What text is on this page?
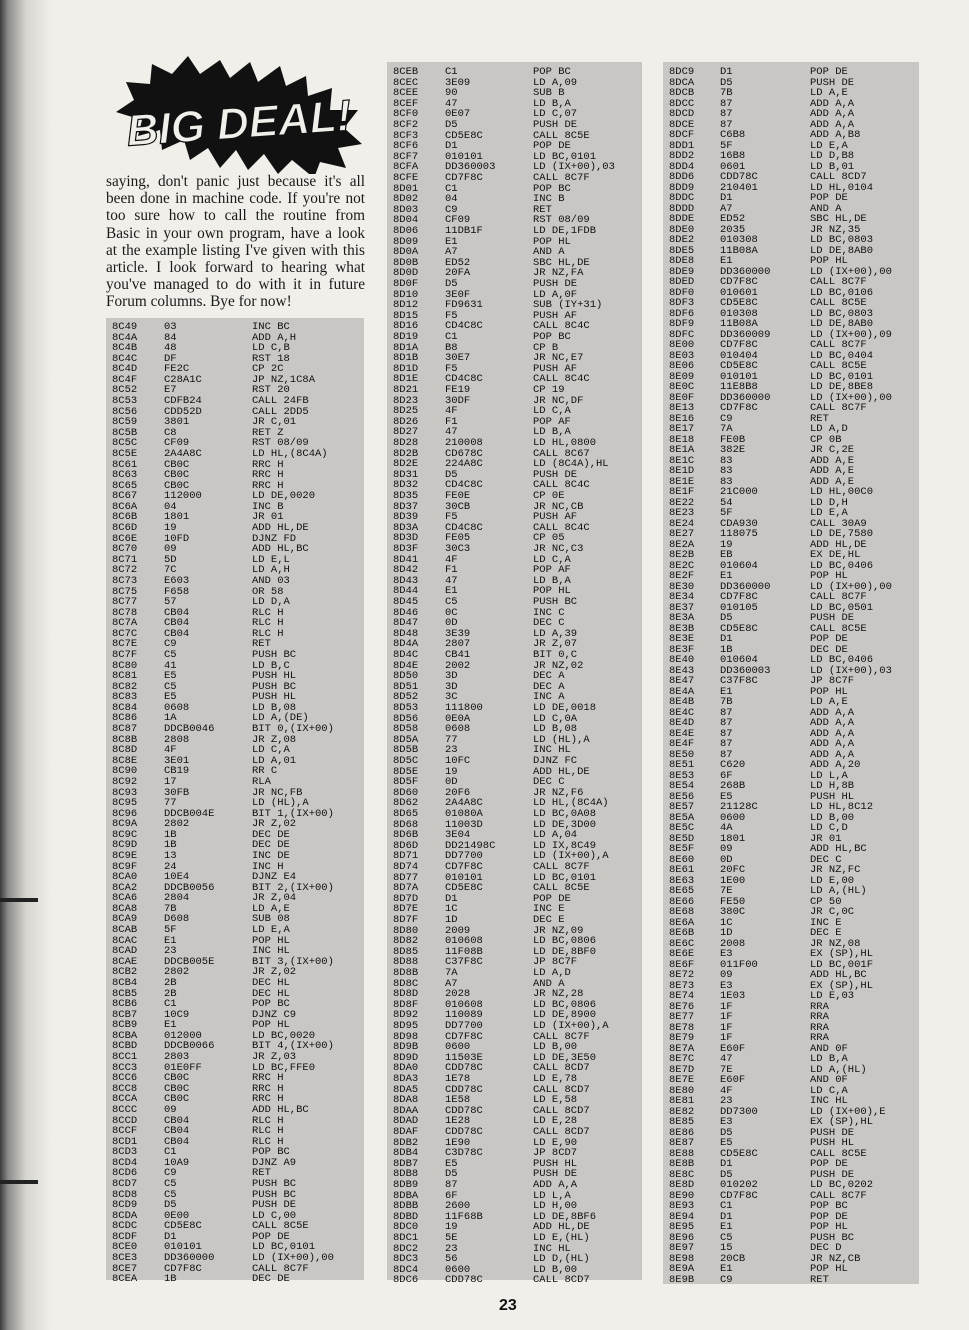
BIG DEAL!

saying, don't panic just because it's all been done in machine code. If you're not too sure how to call the routine from Basic in your own program, have a look at the example listing I've given with this article. I look forward to hearing what you've managed to do with it in future Forum columns. Bye for now!

8C49	03	INC BC
8C4A	84	ADD A,H
8C4B	48	LD C,B
8C4C	DF	RST 18
8C4D	FE2C	CP 2C
8C4F	C28A1C	JP NZ,1C8A
8C52	E7	RST 20
8C53	CDFB24	CALL 24FB
8C56	CDD52D	CALL 2DD5
8C59	3801	JR C,01
8C5B	C8	RET Z
8C5C	CF09	RST 08/09
8C5E	2A4A8C	LD HL,(8C4A)
8C61	CB0C	RRC H
8C63	CB0C	RRC H
8C65	CB0C	RRC H
8C67	112000	LD DE,0020
8C6A	04	INC B
8C6B	1801	JR 01
8C6D	19	ADD HL,DE
8C6E	10FD	DJNZ FD
8C70	09	ADD HL,BC
8C71	5D	LD E,L
8C72	7C	LD A,H
8C73	E603	AND 03
8C75	F658	OR 58
8C77	57	LD D,A
8C78	CB04	RLC H
8C7A	CB04	RLC H
8C7C	CB04	RLC H
8C7E	C9	RET
8C7F	C5	PUSH BC
8C80	41	LD B,C
8C81	E5	PUSH HL
8C82	C5	PUSH BC
8C83	E5	PUSH HL
8C84	0608	LD B,08
8C86	1A	LD A,(DE)
8C87	DDCB0046	BIT 0,(IX+00)
8C8B	2808	JR Z,08
8C8D	4F	LD C,A
8C8E	3E01	LD A,01
8C90	CB19	RR C
8C92	17	RLA
8C93	30FB	JR NC,FB
8C95	77	LD (HL),A
8C96	DDCB004E	BIT 1,(IX+00)
8C9A	2802	JR Z,02
8C9C	1B	DEC DE
8C9D	1B	DEC DE
8C9E	13	INC DE
8C9F	24	INC H
8CA0	10E4	DJNZ E4
8CA2	DDCB0056	BIT 2,(IX+00)
8CA6	2804	JR Z,04
8CA8	7B	LD A,E
8CA9	D608	SUB 08
8CAB	5F	LD E,A
8CAC	E1	POP HL
8CAD	23	INC HL
8CAE	DDCB005E	BIT 3,(IX+00)
8CB2	2802	JR Z,02
8CB4	2B	DEC HL
8CB5	2B	DEC HL
8CB6	C1	POP BC
8CB7	10C9	DJNZ C9
8CB9	E1	POP HL
8CBA	012000	LD BC,0020
8CBD	DDCB0066	BIT 4,(IX+00)
8CC1	2803	JR Z,03
8CC3	01E0FF	LD BC,FFE0
8CC6	CB0C	RRC H
8CC8	CB0C	RRC H
8CCA	CB0C	RRC H
8CCC	09	ADD HL,BC
8CCD	CB04	RLC H
8CCF	CB04	RLC H
8CD1	CB04	RLC H
8CD3	C1	POP BC
8CD4	10A9	DJNZ A9
8CD6	C9	RET
8CD7	C5	PUSH BC
8CD8	C5	PUSH BC
8CD9	D5	PUSH DE
8CDA	0E00	LD C,00
8CDC	CD5E8C	CALL 8C5E
8CDF	D1	POP DE
8CE0	010101	LD BC,0101
8CE3	DD360000	LD (IX+00),00
8CE7	CD7F8C	CALL 8C7F
8CEA	1B	DEC DE
8CEB	C1	POP BC
8CEC	3E09	LD A,09
8CEE	90	SUB B
8CEF	47	LD B,A
8CF0	0E07	LD C,07
8CF2	D5	PUSH DE
8CF3	CD5E8C	CALL 8C5E
8CF6	D1	POP DE
8CF7	010101	LD BC,0101
8CFA	DD360003	LD (IX+00),03
8CFE	CD7F8C	CALL 8C7F
8D01	C1	POP BC
8D02	04	INC B
8D03	C9	RET
8D04	CF09	RST 08/09
8D06	11DB1F	LD DE,1FDB
8D09	E1	POP HL
8D0A	A7	AND A
8D0B	ED52	SBC HL,DE
8D0D	20FA	JR NZ,FA
8D0F	D5	PUSH DE
8D10	3E0F	LD A,0F
8D12	FD9631	SUB (IY+31)
8D15	F5	PUSH AF
8D16	CD4C8C	CALL 8C4C
8D19	C1	POP BC
8D1A	B8	CP B
8D1B	30E7	JR NC,E7
8D1D	F5	PUSH AF
8D1E	CD4C8C	CALL 8C4C
8D21	FE19	CP 19
8D23	30DF	JR NC,DF
8D25	4F	LD C,A
8D26	F1	POP AF
8D27	47	LD B,A
8D28	210008	LD HL,0800
8D2B	CD678C	CALL 8C67
8D2E	224A8C	LD (8C4A),HL
8D31	D5	PUSH DE
8D32	CD4C8C	CALL 8C4C
8D35	FE0E	CP 0E
8D37	30CB	JR NC,CB
8D39	F5	PUSH AF
8D3A	CD4C8C	CALL 8C4C
8D3D	FE05	CP 05
8D3F	30C3	JR NC,C3
8D41	4F	LD C,A
8D42	F1	POP AF
8D43	47	LD B,A
8D44	E1	POP HL
8D45	C5	PUSH BC
8D46	0C	INC C
8D47	0D	DEC C
8D48	3E39	LD A,39
8D4A	2807	JR Z,07
8D4C	CB41	BIT 0,C
8D4E	2002	JR NZ,02
8D50	3D	DEC A
8D51	3D	DEC A
8D52	3C	INC A
8D53	111800	LD DE,0018
8D56	0E0A	LD C,0A
8D58	0608	LD B,08
8D5A	77	LD (HL),A
8D5B	23	INC HL
8D5C	10FC	DJNZ FC
8D5E	19	ADD HL,DE
8D5F	0D	DEC C
8D60	20F6	JR NZ,F6
8D62	2A4A8C	LD HL,(8C4A)
8D65	01080A	LD BC,0A08
8D68	11003D	LD DE,3D00
8D6B	3E04	LD A,04
8D6D	DD21498C	LD IX,8C49
8D71	DD7700	LD (IX+00),A
8D74	CD7F8C	CALL 8C7F
8D77	010101	LD BC,0101
8D7A	CD5E8C	CALL 8C5E
8D7D	D1	POP DE
8D7E	1C	INC E
8D7F	1D	DEC E
8D80	2009	JR NZ,09
8D82	010608	LD BC,0806
8D85	11F08B	LD DE,8BF0
8D88	C37F8C	JP 8C7F
8D8B	7A	LD A,D
8D8C	A7	AND A
8D8D	2028	JR NZ,28
8D8F	010608	LD BC,0806
8D92	110089	LD DE,8900
8D95	DD7700	LD (IX+00),A
8D98	CD7F8C	CALL 8C7F
8D9B	0600	LD B,00
8D9D	11503E	LD DE,3E50
8DA0	CDD78C	CALL 8CD7
8DA3	1E78	LD E,78
8DA5	CDD78C	CALL 8CD7
8DA8	1E58	LD E,58
8DAA	CDD78C	CALL 8CD7
8DAD	1E28	LD E,28
8DAF	CDD78C	CALL 8CD7
8DB2	1E90	LD E,90
8DB4	C3D78C	JP 8CD7
8DB7	E5	PUSH HL
8DB8	D5	PUSH DE
8DB9	87	ADD A,A
8DBA	6F	LD L,A
8DBB	2600	LD H,00
8DBD	11F68B	LD DE,8BF6
8DC0	19	ADD HL,DE
8DC1	5E	LD E,(HL)
8DC2	23	INC HL
8DC3	56	LD D,(HL)
8DC4	0600	LD B,00
8DC6	CDD78C	CALL 8CD7
8DC9 D1	POP DE
8DCA D5	PUSH DE
8DCB 7B	LD A,E
8DCC 87	ADD A,A
8DCD 87	ADD A,A
8DCE 87	ADD A,A
8DCF C6B8	ADD A,B8
8DD1 5F	LD E,A
8DD2 16B8	LD D,B8
8DD4 0601	LD B,01
8DD6 CDD78C	CALL 8CD7
8DD9 210401	LD HL,0104
8DDC D1	POP DE
8DDD A7	AND A
8DDE ED52	SBC HL,DE
8DE0 2035	JR NZ,35
8DE2 010308	LD BC,0803
8DE5 11B08A	LD DE,8AB0
8DE8 E1	POP HL
8DE9 DD360000	LD (IX+00),00
8DED CD7F8C	CALL 8C7F
8DF0 010601	LD BC,0106
8DF3 CD5E8C	CALL 8C5E
8DF6 010308	LD BC,0803
8DF9 11B08A	LD DE,8AB0
8DFC DD360009	LD (IX+00),09
8E00 CD7F8C	CALL 8C7F
8E03 010404	LD BC,0404
8E06 CD5E8C	CALL 8C5E
8E09 010101	LD BC,0101
8E0C 11E8B8	LD DE,8BE8
8E0F DD360000	LD (IX+00),00
8E13 CD7F8C	CALL 8C7F
8E16 C9	RET
8E17 7A	LD A,D
8E18 FE0B	CP 0B
8E1A 382E	JR C,2E
8E1C 83	ADD A,E
8E1D 83	ADD A,E
8E1E 83	ADD A,E
8E1F 21C000	LD HL,00C0
8E22 54	LD D,H
8E23 5F	LD E,A
8E24 CDA930	CALL 30A9
8E27 118075	LD DE,7580
8E2A 19	ADD HL,DE
8E2B EB	EX DE,HL
8E2C 010604	LD BC,0406
8E2F E1	POP HL
8E30 DD360000	LD (IX+00),00
8E34 CD7F8C	CALL 8C7F
8E37 010105	LD BC,0501
8E3A D5	PUSH DE
8E3B CD5E8C	CALL 8C5E
8E3E D1	POP DE
8E3F 1B	DEC DE
8E40 010604	LD BC,0406
8E43 DD360003	LD (IX+00),03
8E47 C37F8C	JP 8C7F
8E4A E1	POP HL
8E4B 7B	LD A,E
8E4C 87	ADD A,A
8E4D 87	ADD A,A
8E4E 87	ADD A,A
8E4F 87	ADD A,A
8E50 87	ADD A,A
8E51 C620	ADD A,20
8E53 6F	LD L,A
8E54 268B	LD H,8B
8E56 E5	PUSH HL
8E57 21128C	LD HL,8C12
8E5A 0600	LD B,00
8E5C 4A	LD C,D
8E5D 1801	JR 01
8E5F 09	ADD HL,BC
8E60 0D	DEC C
8E61 20FC	JR NZ,FC
8E63 1E00	LD E,00
8E65 7E	LD A,(HL)
8E66 FE50	CP 50
8E68 380C	JR C,0C
8E6A 1C	INC E
8E6B 1D	DEC E
8E6C 2008	JR NZ,08
8E6E E3	EX (SP),HL
8E6F 011F00	LD BC,001F
8E72 09	ADD HL,BC
8E73 E3	EX (SP),HL
8E74 1E03	LD E,03
8E76 1F	RRA
8E77 1F	RRA
8E78 1F	RRA
8E79 1F	RRA
8E7A E60F	AND 0F
8E7C 47	LD B,A
8E7D 7E	LD A,(HL)
8E7E E60F	AND 0F
8E80 4F	LD C,A
8E81 23	INC HL
8E82 DD7300	LD (IX+00),E
8E85 E3	EX (SP),HL
8E86 D5	PUSH DE
8E87 E5	PUSH HL
8E88 CD5E8C	CALL 8C5E
8E8B D1	POP DE
8E8C D5	PUSH DE
8E8D 010202	LD BC,0202
8E90 CD7F8C	CALL 8C7F
8E93 C1	POP BC
8E94 D1	POP DE
8E95 E1	POP HL
8E96 C5	PUSH BC
8E97 15	DEC D
8E98 20CB	JR NZ,CB
8E9A E1	POP HL
8E9B C9	RET
23
